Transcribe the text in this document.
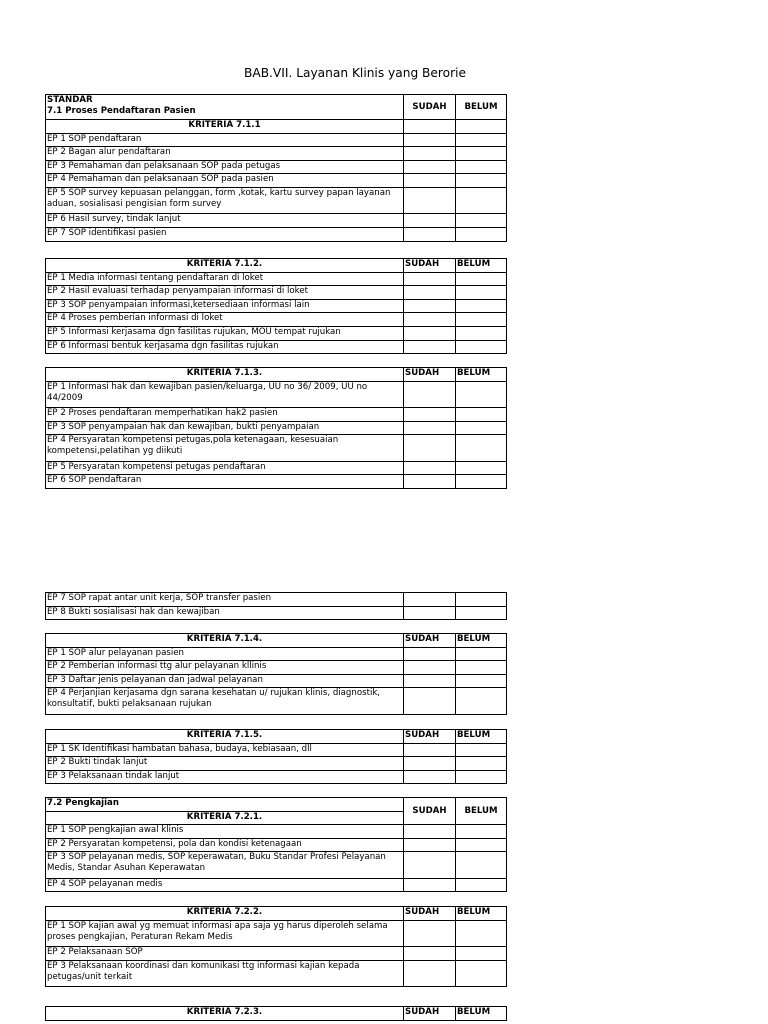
BAB.VII. Layanan Klinis yang Berorie
STANDAR
7.1 Proses Pendaftaran Pasien	SUDAH	BELUM
KRITERIA 7.1.1		
EP 1 SOP pendaftaran		
EP 2 Bagan alur pendaftaran		
EP 3 Pemahaman dan pelaksanaan SOP pada petugas		
EP 4 Pemahaman dan pelaksanaan SOP pada pasien		
EP 5 SOP survey kepuasan pelanggan, form ,kotak, kartu survey papan layanan aduan, sosialisasi pengisian form survey		
EP 6 Hasil survey, tindak lanjut		
EP 7 SOP identifikasi pasien		
KRITERIA 7.1.2.	SUDAH	BELUM
EP 1 Media informasi tentang pendaftaran di loket		
EP 2 Hasil evaluasi terhadap penyampaian informasi di loket		
EP 3 SOP penyampaian informasi,ketersediaan informasi lain		
EP 4 Proses pemberian informasi di loket		
EP 5 Informasi kerjasama dgn fasilitas rujukan, MOU tempat rujukan		
EP 6 Informasi bentuk kerjasama dgn fasilitas rujukan		
KRITERIA 7.1.3.	SUDAH	BELUM
EP 1 Informasi hak dan kewajiban pasien/keluarga, UU no 36/ 2009, UU no 44/2009		
EP 2 Proses pendaftaran memperhatikan hak2 pasien		
EP 3 SOP penyampaian hak dan kewajiban, bukti penyampaian		
EP 4 Persyaratan kompetensi petugas,pola ketenagaan, kesesuaian kompetensi,pelatihan yg diikuti		
EP 5 Persyaratan kompetensi petugas pendaftaran		
EP 6 SOP pendaftaran		
EP 7 SOP rapat antar unit kerja, SOP transfer pasien		
EP 8 Bukti sosialisasi hak dan kewajiban		
KRITERIA 7.1.4.	SUDAH	BELUM
EP 1 SOP alur pelayanan pasien		
EP 2 Pemberian informasi ttg alur pelayanan kllinis		
EP 3 Daftar jenis pelayanan dan jadwal pelayanan		
EP 4 Perjanjian kerjasama dgn sarana kesehatan u/ rujukan klinis, diagnostik, konsultatif, bukti pelaksanaan rujukan		
KRITERIA 7.1.5.	SUDAH	BELUM
EP 1 SK Identifikasi hambatan bahasa, budaya, kebiasaan, dll		
EP 2 Bukti tindak lanjut		
EP 3 Pelaksanaan tindak lanjut		
7.2 Pengkajian	SUDAH	BELUM
KRITERIA 7.2.1.		
EP 1 SOP pengkajian awal klinis		
EP 2 Persyaratan kompetensi, pola dan kondisi ketenagaan		
EP 3 SOP pelayanan medis, SOP keperawatan, Buku Standar Profesi Pelayanan Medis, Standar Asuhan Keperawatan		
EP 4 SOP pelayanan medis		
KRITERIA 7.2.2.	SUDAH	BELUM
EP 1 SOP kajian awal yg memuat informasi apa saja yg harus diperoleh selama proses pengkajian, Peraturan Rekam Medis		
EP 2 Pelaksanaan SOP		
EP 3 Pelaksanaan koordinasi dan komunikasi ttg informasi kajian kepada petugas/unit terkait		
KRITERIA 7.2.3.	SUDAH	BELUM
